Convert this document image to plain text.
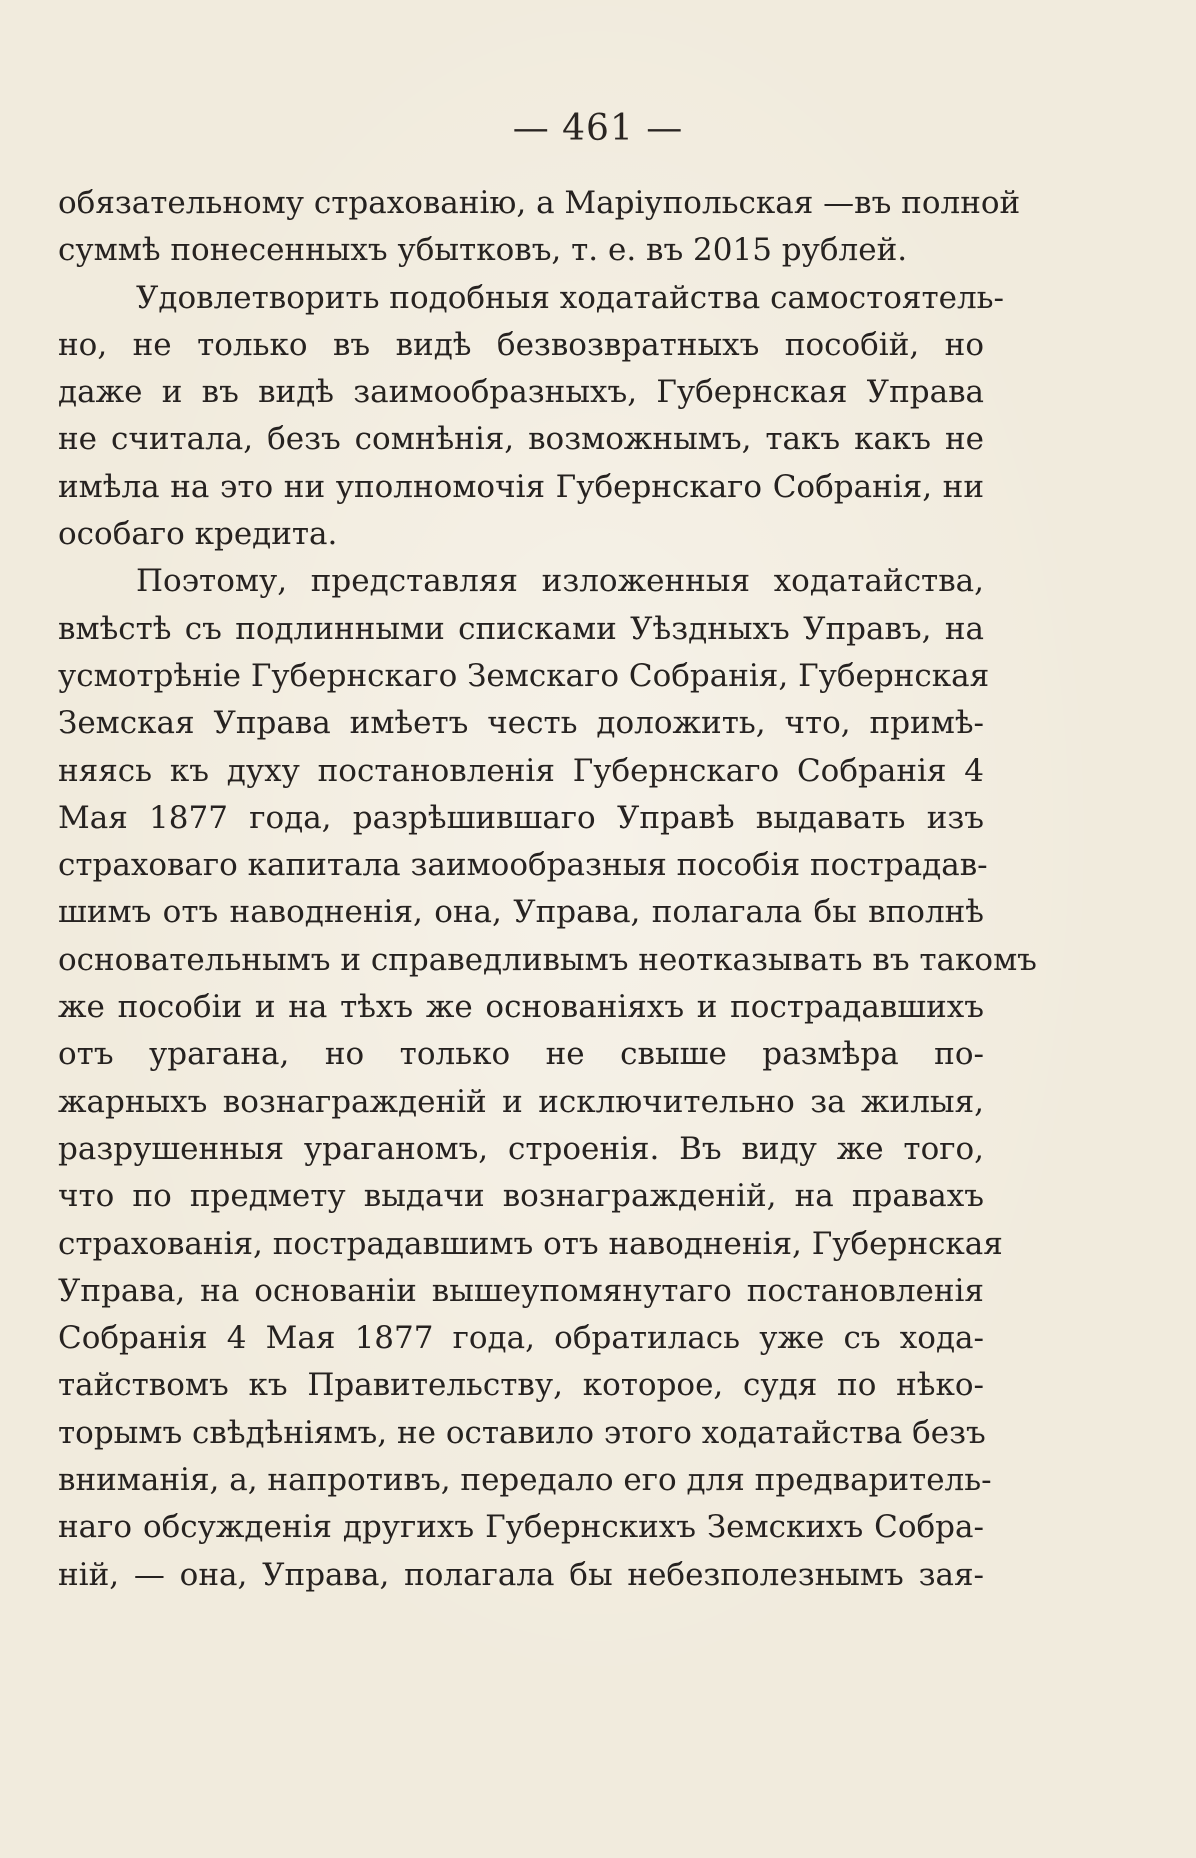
— 461 —
обязательному страхованію, а Маріупольская —въ полной
суммѣ понесенныхъ убытковъ, т. е. въ 2015 рублей.
Удовлетворить подобныя ходатайства самостоятель-
но, не только въ видѣ безвозвратныхъ пособій, но
даже и въ видѣ заимообразныхъ, Губернская Управа
не считала, безъ сомнѣнія, возможнымъ, такъ какъ не
имѣла на это ни уполномочія Губернскаго Собранія, ни
особаго кредита.
Поэтому, представляя изложенныя ходатайства,
вмѣстѣ съ подлинными списками Уѣздныхъ Управъ, на
усмотрѣніе Губернскаго Земскаго Собранія, Губернская
Земская Управа имѣетъ честь доложить, что, примѣ-
няясь къ духу постановленія Губернскаго Собранія 4
Мая 1877 года, разрѣшившаго Управѣ выдавать изъ
страховаго капитала заимообразныя пособія пострадав-
шимъ отъ наводненія, она, Управа, полагала бы вполнѣ
основательнымъ и справедливымъ неотказывать въ такомъ
же пособіи и на тѣхъ же основаніяхъ и пострадавшихъ
отъ урагана, но только не свыше размѣра по-
жарныхъ вознагражденій и исключительно за жилыя,
разрушенныя ураганомъ, строенія. Въ виду же того,
что по предмету выдачи вознагражденій, на правахъ
страхованія, пострадавшимъ отъ наводненія, Губернская
Управа, на основаніи вышеупомянутаго постановленія
Собранія 4 Мая 1877 года, обратилась уже съ хода-
тайствомъ къ Правительству, которое, судя по нѣко-
торымъ свѣдѣніямъ, не оставило этого ходатайства безъ
вниманія, а, напротивъ, передало его для предваритель-
наго обсужденія другихъ Губернскихъ Земскихъ Собра-
ній, — она, Управа, полагала бы небезполезнымъ зая-
